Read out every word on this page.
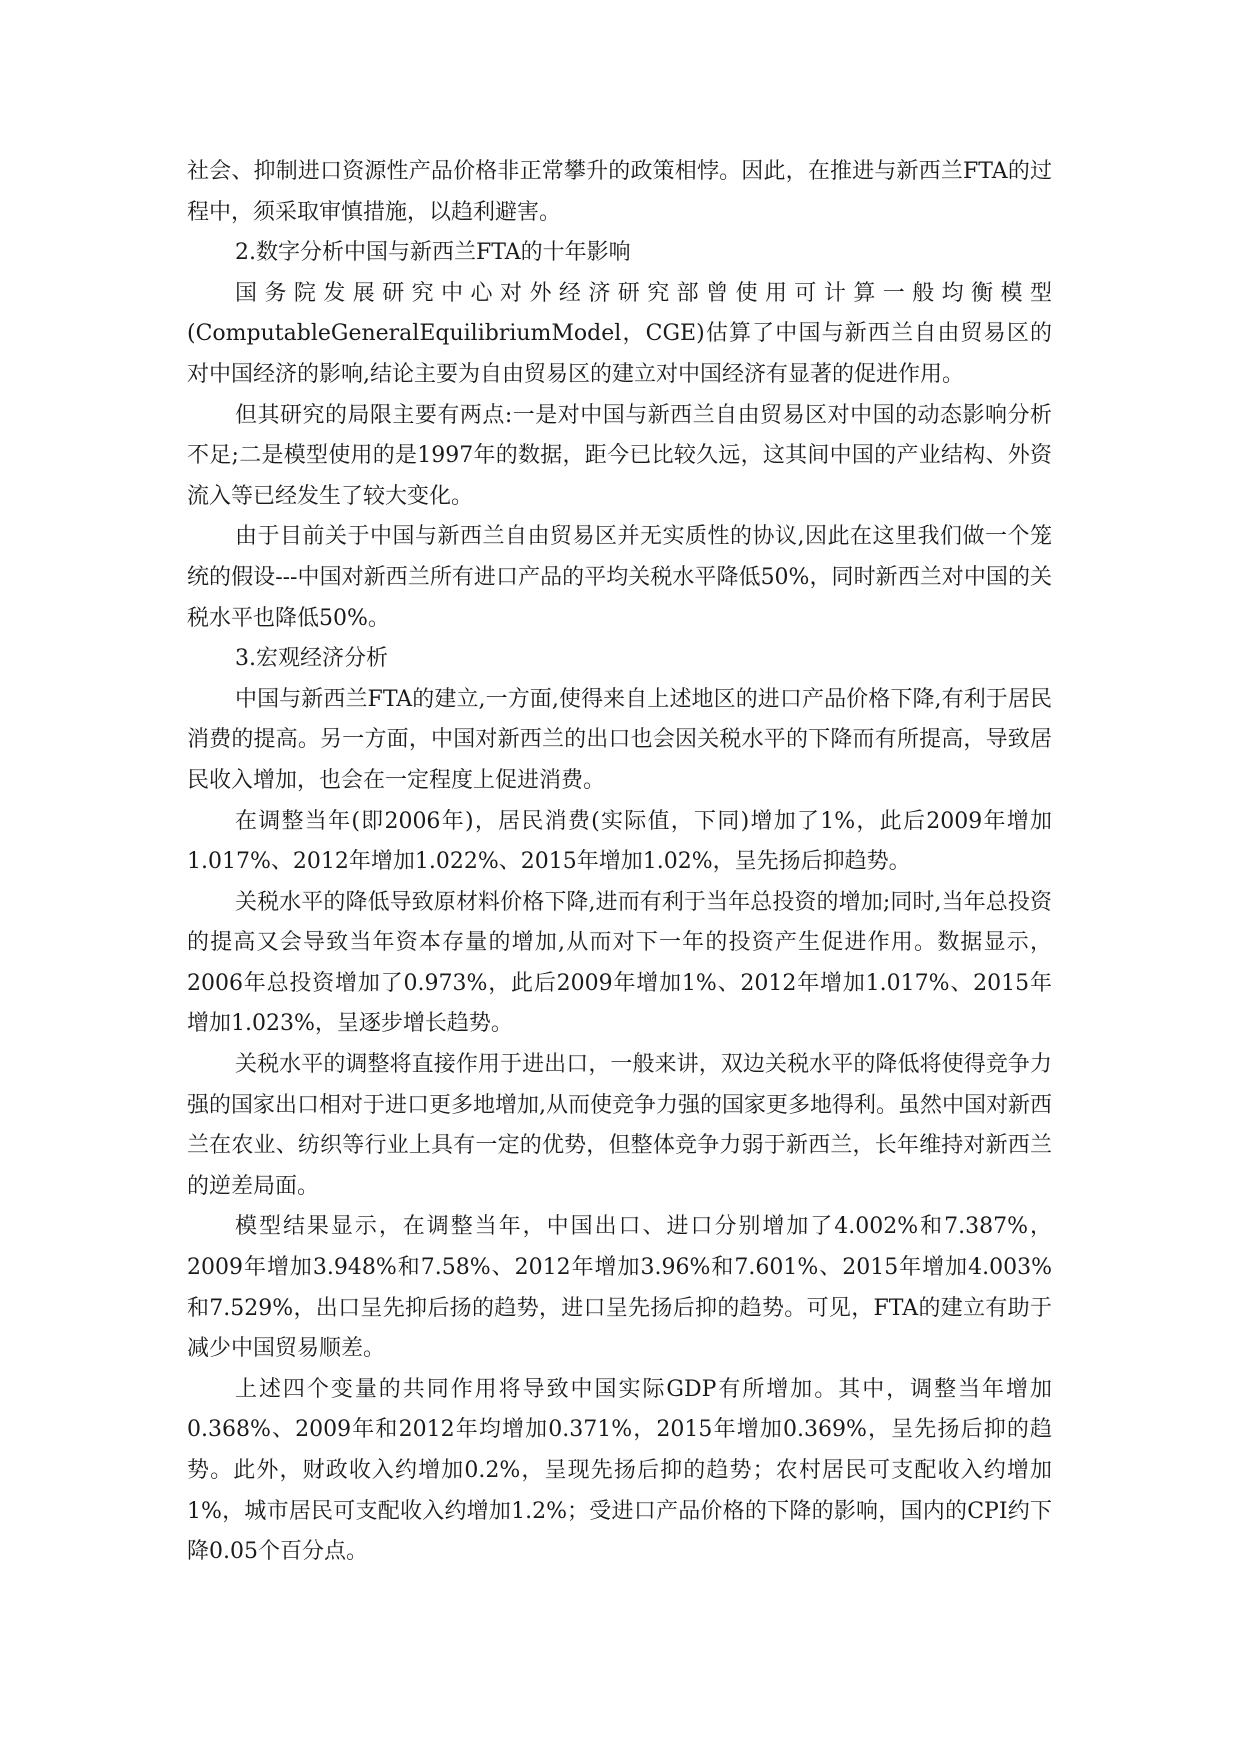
社会、抑制进口资源性产品价格非正常攀升的政策相悖。因此，在推进与新西兰FTA的过程中，须采取审慎措施，以趋利避害。

2.数字分析中国与新西兰FTA的十年影响

国务院发展研究中心对外经济研究部曾使用可计算一般均衡模型(ComputableGeneralEquilibriumModel，CGE)估算了中国与新西兰自由贸易区的对中国经济的影响,结论主要为自由贸易区的建立对中国经济有显著的促进作用。

但其研究的局限主要有两点:一是对中国与新西兰自由贸易区对中国的动态影响分析不足;二是模型使用的是1997年的数据，距今已比较久远，这其间中国的产业结构、外资流入等已经发生了较大变化。

由于目前关于中国与新西兰自由贸易区并无实质性的协议,因此在这里我们做一个笼统的假设---中国对新西兰所有进口产品的平均关税水平降低50%，同时新西兰对中国的关税水平也降低50%。

3.宏观经济分析

中国与新西兰FTA的建立,一方面,使得来自上述地区的进口产品价格下降,有利于居民消费的提高。另一方面，中国对新西兰的出口也会因关税水平的下降而有所提高，导致居民收入增加，也会在一定程度上促进消费。

在调整当年(即2006年)，居民消费(实际值，下同)增加了1%，此后2009年增加1.017%、2012年增加1.022%、2015年增加1.02%，呈先扬后抑趋势。

关税水平的降低导致原材料价格下降,进而有利于当年总投资的增加;同时,当年总投资的提高又会导致当年资本存量的增加,从而对下一年的投资产生促进作用。数据显示，2006年总投资增加了0.973%，此后2009年增加1%、2012年增加1.017%、2015年增加1.023%，呈逐步增长趋势。

关税水平的调整将直接作用于进出口，一般来讲，双边关税水平的降低将使得竞争力强的国家出口相对于进口更多地增加,从而使竞争力强的国家更多地得利。虽然中国对新西兰在农业、纺织等行业上具有一定的优势，但整体竞争力弱于新西兰，长年维持对新西兰的逆差局面。

模型结果显示，在调整当年，中国出口、进口分别增加了4.002%和7.387%，2009年增加3.948%和7.58%、2012年增加3.96%和7.601%、2015年增加4.003%和7.529%，出口呈先抑后扬的趋势，进口呈先扬后抑的趋势。可见，FTA的建立有助于减少中国贸易顺差。

上述四个变量的共同作用将导致中国实际GDP有所增加。其中，调整当年增加0.368%、2009年和2012年均增加0.371%，2015年增加0.369%，呈先扬后抑的趋势。此外，财政收入约增加0.2%，呈现先扬后抑的趋势；农村居民可支配收入约增加1%，城市居民可支配收入约增加1.2%；受进口产品价格的下降的影响，国内的CPI约下降0.05个百分点。
